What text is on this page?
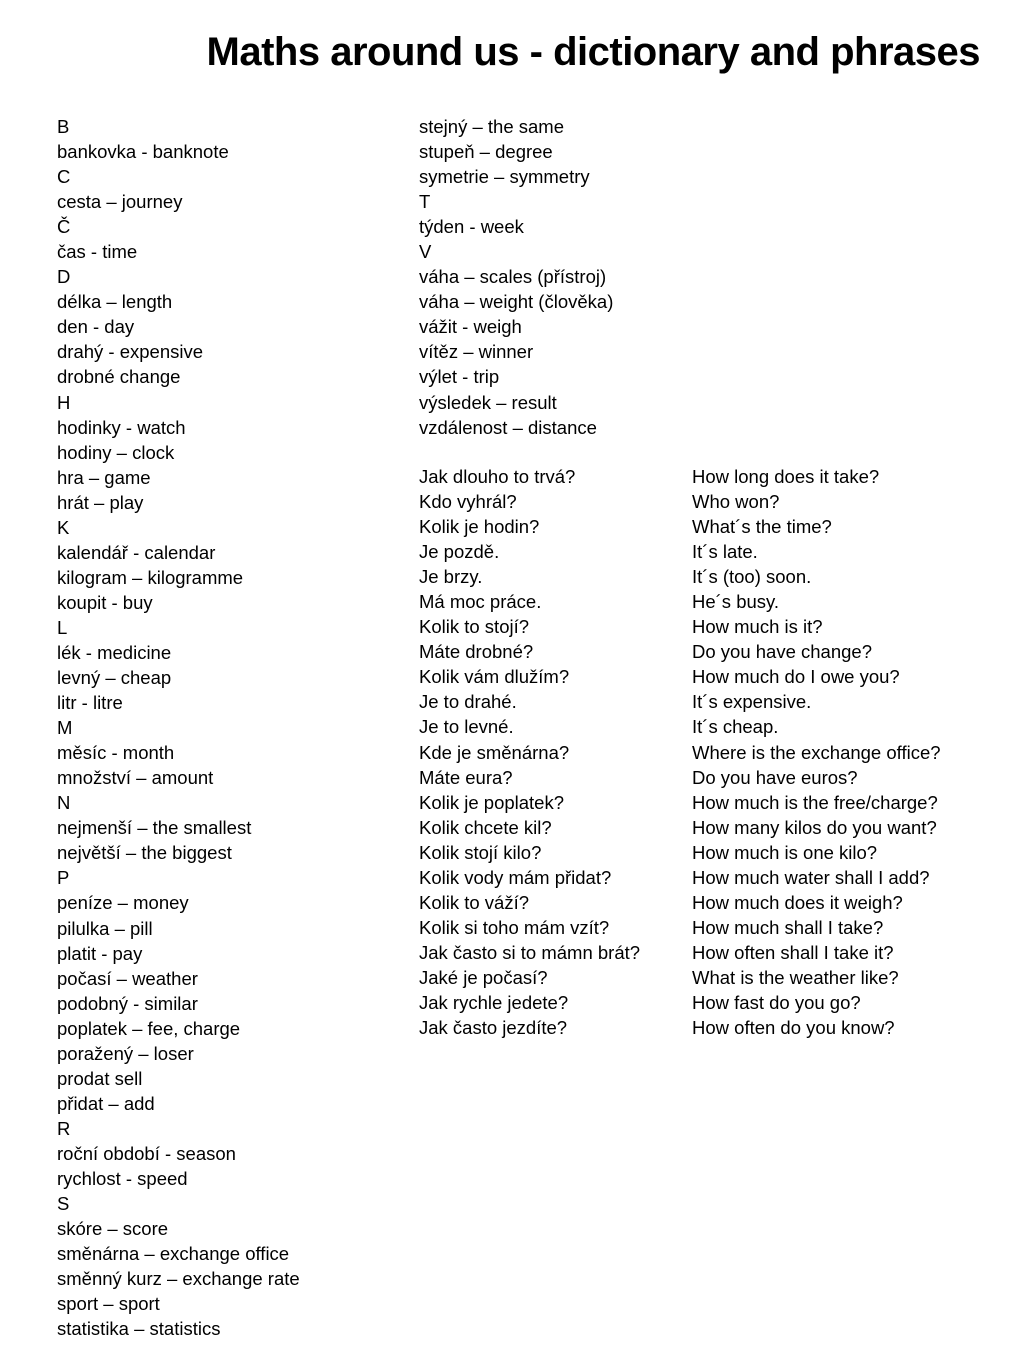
Maths around us - dictionary and phrases
B
bankovka - banknote
C
cesta – journey
Č
čas - time
D
délka – length
den - day
drahý - expensive
drobné change
H
hodinky - watch
hodiny – clock
hra – game
hrát – play
K
kalendář - calendar
kilogram – kilogramme
koupit - buy
L
lék - medicine
levný – cheap
litr - litre
M
měsíc - month
množství – amount
N
nejmenší – the smallest
největší – the biggest
P
peníze – money
pilulka – pill
platit - pay
počasí – weather
podobný - similar
poplatek – fee, charge
poražený – loser
prodat sell
přidat – add
R
roční období - season
rychlost - speed
S
skóre – score
směnárna – exchange office
směnný kurz – exchange rate
sport – sport
statistika – statistics
stejný – the same
stupeň – degree
symetrie – symmetry
T
týden - week
V
váha – scales (přístroj)
váha – weight (člověka)
vážit - weigh
vítěz – winner
výlet - trip
výsledek – result
vzdálenost – distance
Jak dlouho to trvá?
Kdo vyhrál?
Kolik je hodin?
Je pozdě.
Je brzy.
Má moc práce.
Kolik to stojí?
Máte drobné?
Kolik vám dlužím?
Je to drahé.
Je to levné.
Kde je směnárna?
Máte eura?
Kolik je poplatek?
Kolik chcete kil?
Kolik stojí kilo?
Kolik vody mám přidat?
Kolik to váží?
Kolik si toho mám vzít?
Jak často si to mámn brát?
Jaké je počasí?
Jak rychle jedete?
Jak často jezdíte?
How long does it take?
Who won?
What´s the time?
It´s late.
It´s (too) soon.
He´s busy.
How much is it?
Do you have change?
How much do I owe you?
It´s expensive.
It´s cheap.
Where is the exchange office?
Do you have euros?
How much is the free/charge?
How many kilos do you want?
How much is one kilo?
How much water shall I add?
How much does it weigh?
How much shall I take?
How often shall I take it?
What is the weather like?
How fast do you go?
How often do you know?
